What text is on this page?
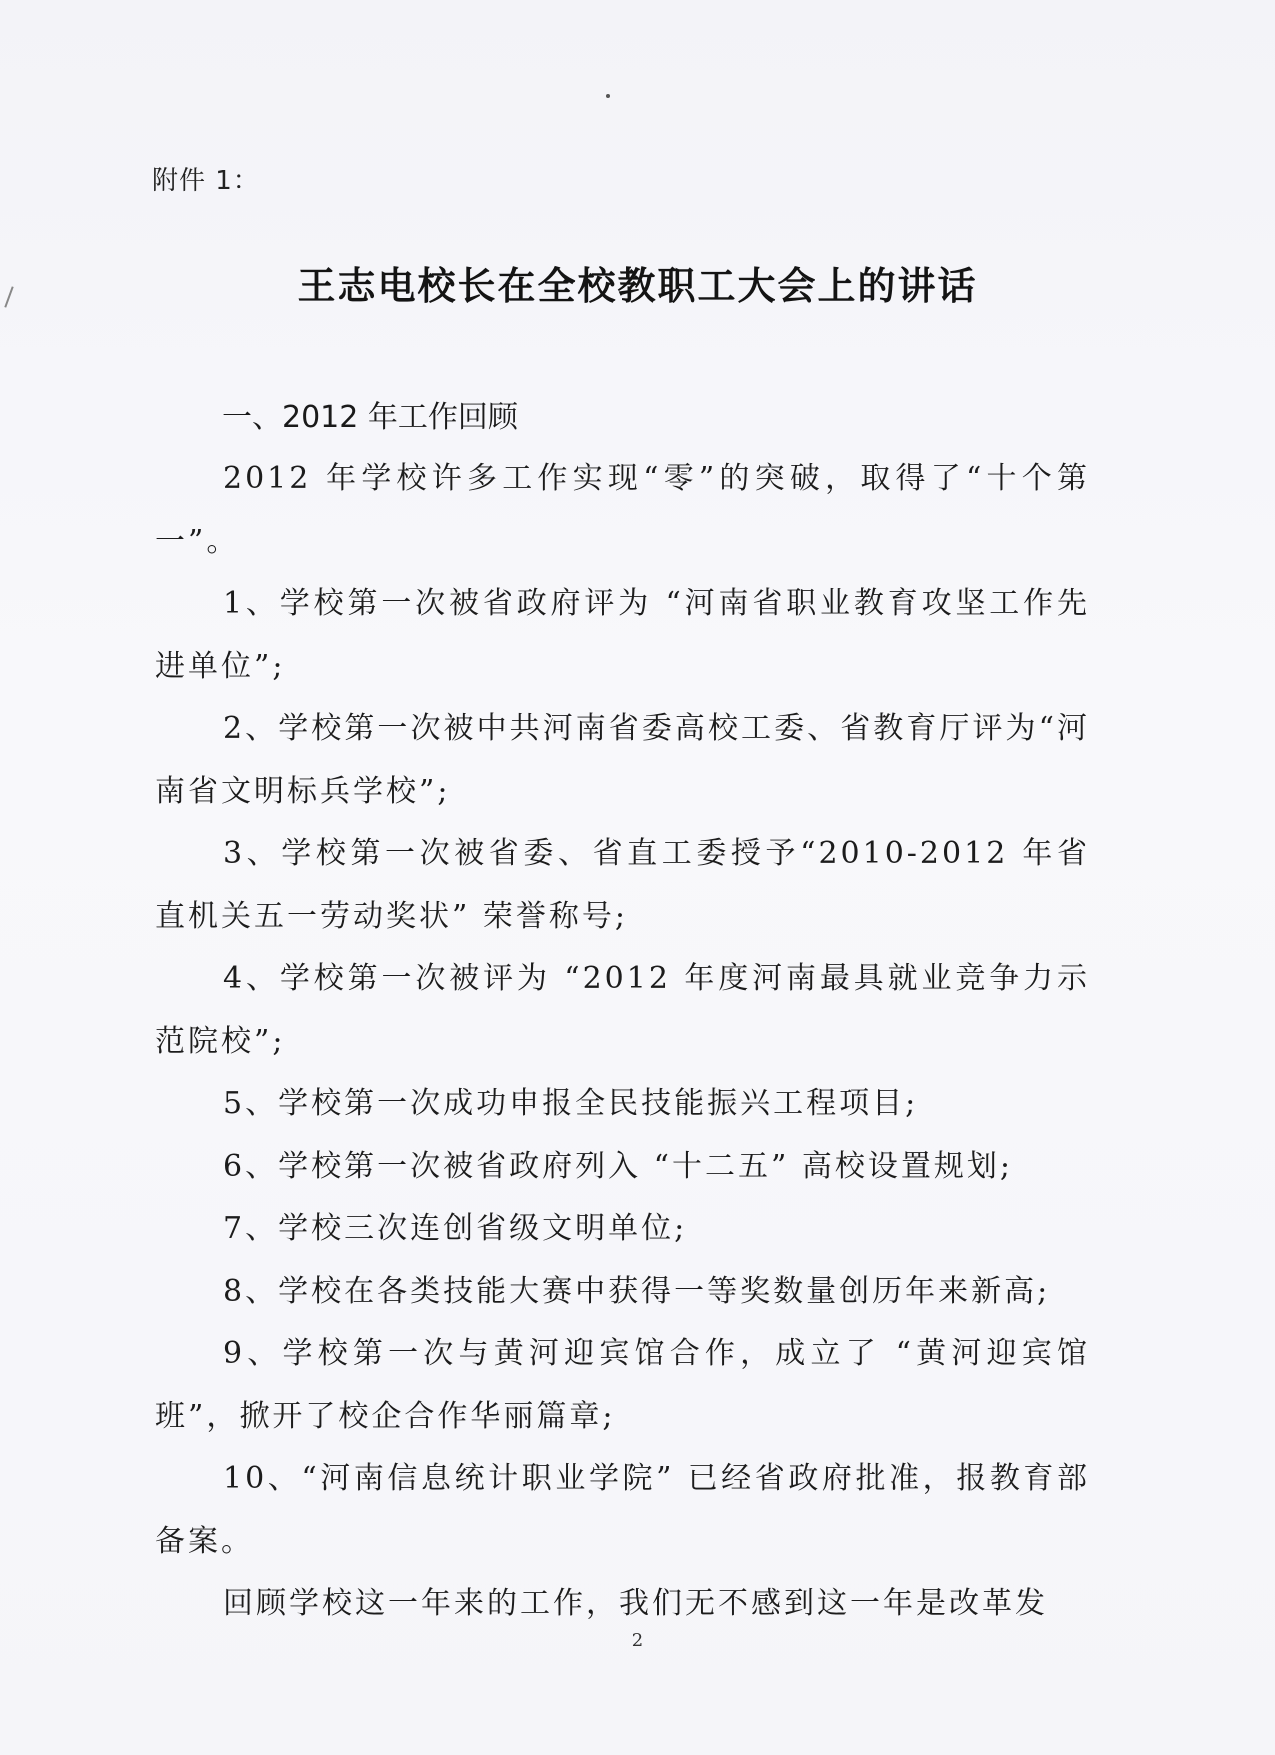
附件 1：
王志电校长在全校教职工大会上的讲话
一、2012 年工作回顾

2012 年学校许多工作实现“零”的突破，取得了“十个第一”。

1、学校第一次被省政府评为 “河南省职业教育攻坚工作先进单位”;

2、学校第一次被中共河南省委高校工委、省教育厅评为“河南省文明标兵学校”;

3、学校第一次被省委、省直工委授予“2010-2012 年省直机关五一劳动奖状” 荣誉称号;

4、学校第一次被评为 “2012 年度河南最具就业竞争力示范院校”;

5、学校第一次成功申报全民技能振兴工程项目;

6、学校第一次被省政府列入 “十二五” 高校设置规划;

7、学校三次连创省级文明单位;

8、学校在各类技能大赛中获得一等奖数量创历年来新高;

9、学校第一次与黄河迎宾馆合作，成立了 “黄河迎宾馆班”，掀开了校企合作华丽篇章;

10、“河南信息统计职业学院” 已经省政府批准，报教育部备案。

回顾学校这一年来的工作，我们无不感到这一年是改革发

2
